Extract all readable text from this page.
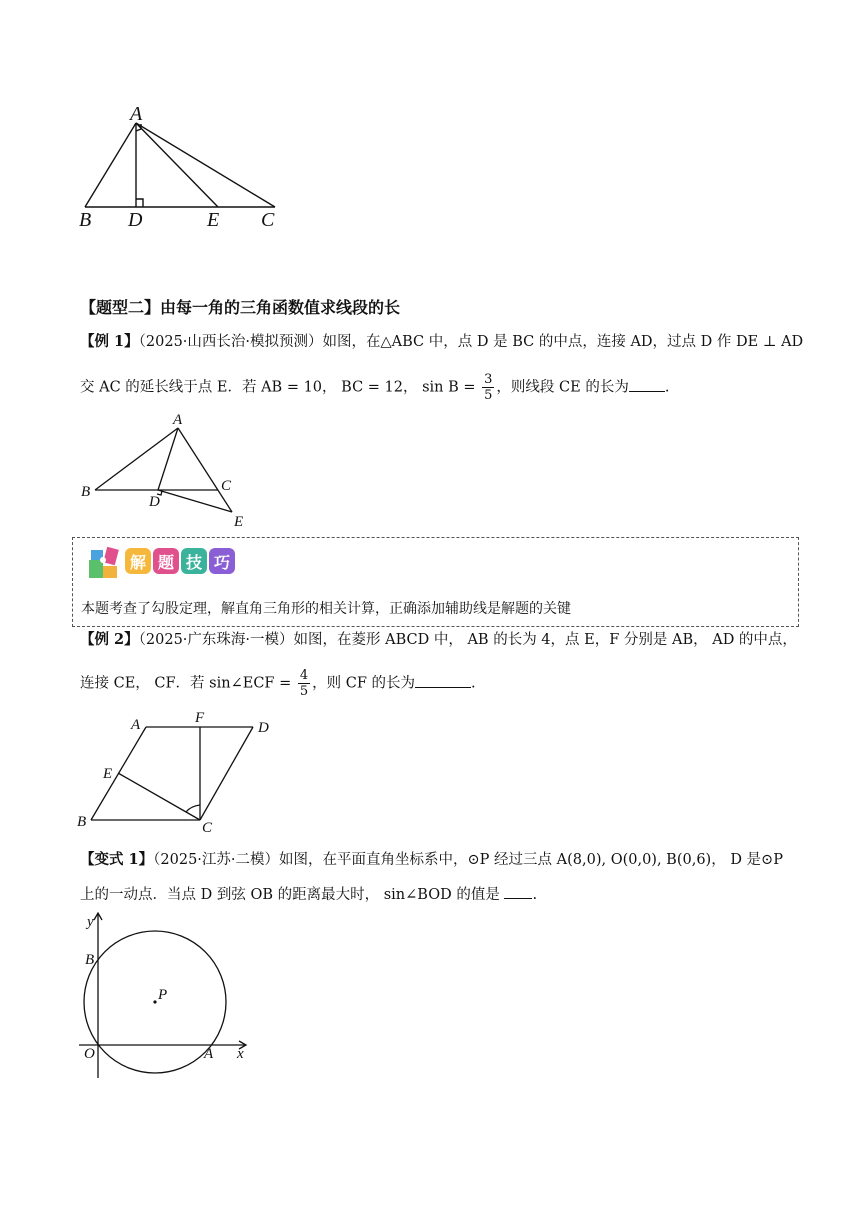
A
B D	E C
【题型二】由每一角的三角函数值求线段的长
【例 1】（2025·山西长治·模拟预测）如图，在△ABC 中，点 D 是 BC 的中点，连接 AD，过点 D 作 DE ⊥ AD
交 AC 的延长线于点 E．若 AB = 10， BC = 12， $\sin B = \frac{3}{5}$ ，则线段 CE 的长为 .
A
B	C
D
E
解 题 技 巧
本题考查了勾股定理，解直角三角形的相关计算，正确添加辅助线是解题的关键
【例 2】（2025·广东珠海·一模）如图，在菱形 ABCD 中， AB 的长为 4，点 E，F 分别是 AB， AD 的中点，
连接 CE， CF．若 sin∠ECF = $\frac{4}{5}$ ，则 CF 的长为	.
A	F
D
E
B	C
【变式 1】（2025·江苏·二模）如图，在平面直角坐标系中，⊙P 经过三点 A(8,0), O(0,0), B(0,6)， D 是⊙P
上的一动点．当点 D 到弦 OB 的距离最大时， sin∠BOD 的值是 .
y
x
B
P
O	A
